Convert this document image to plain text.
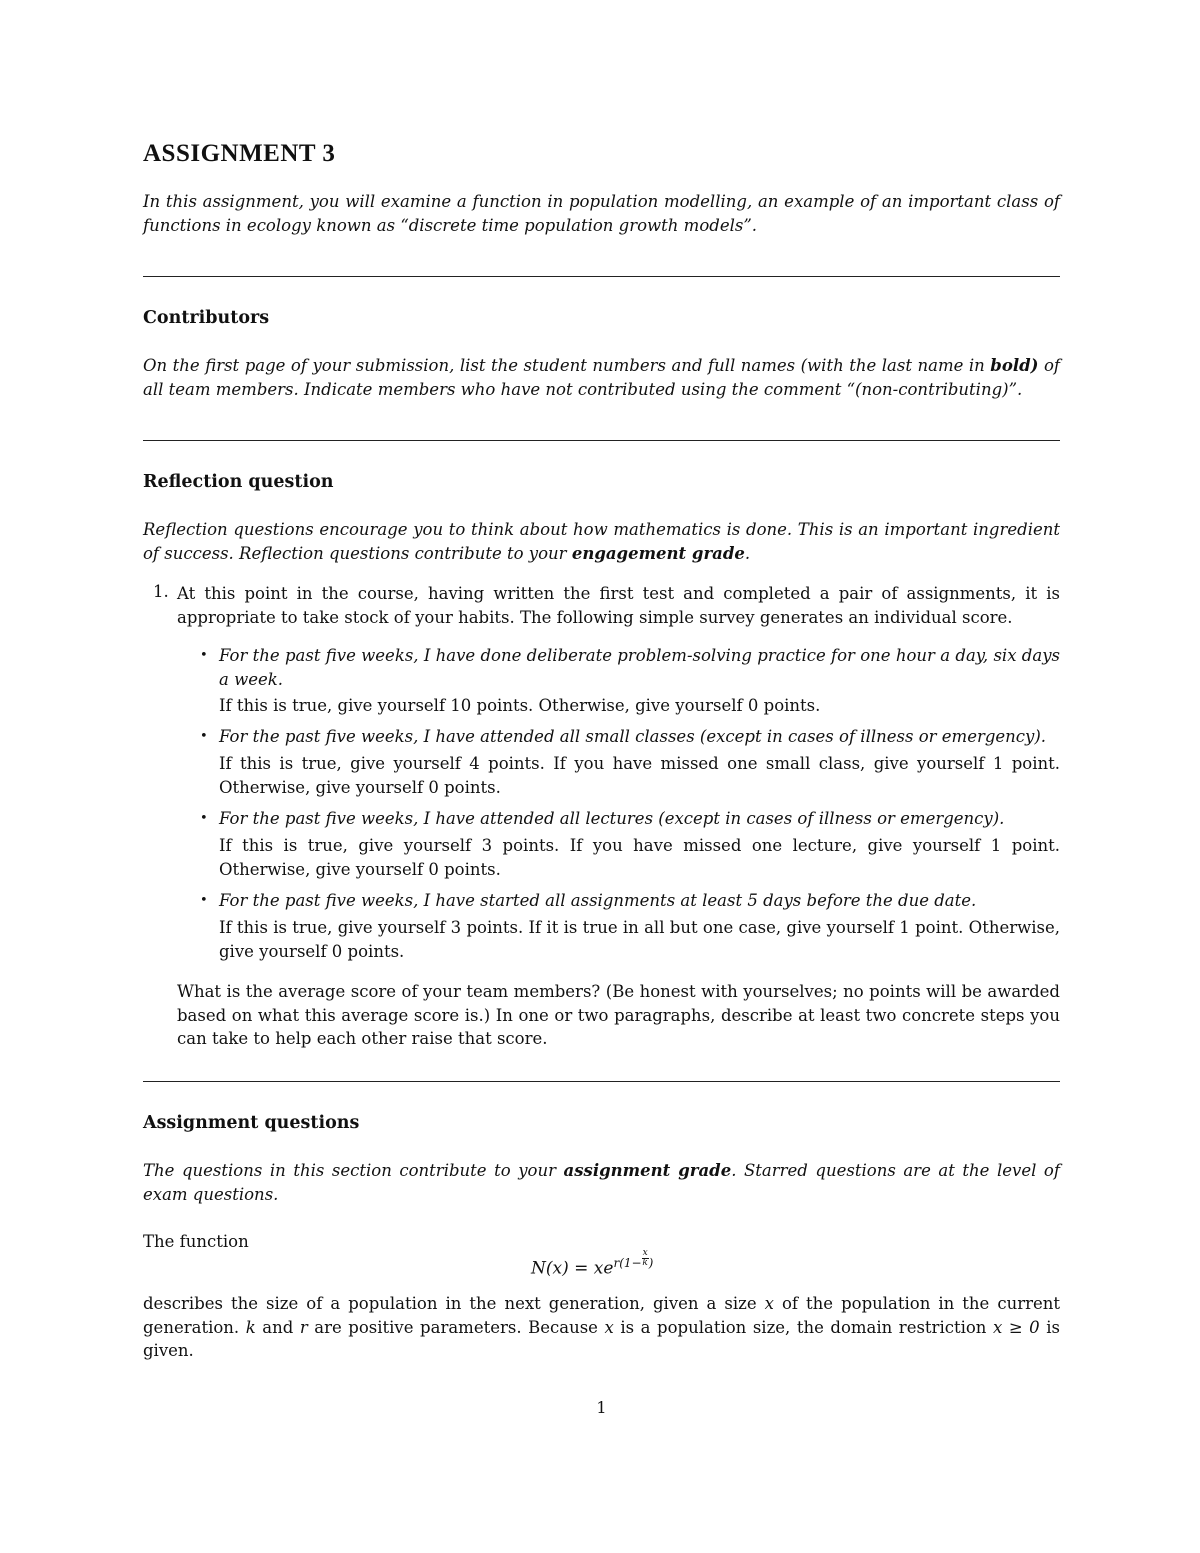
ASSIGNMENT 3

In this assignment, you will examine a function in population modelling, an example of an important class of functions in ecology known as “discrete time population growth models”.

Contributors

On the first page of your submission, list the student numbers and full names (with the last name in bold) of all team members. Indicate members who have not contributed using the comment “(non-contributing)”.

Reflection question

Reflection questions encourage you to think about how mathematics is done. This is an important ingredient of success. Reflection questions contribute to your engagement grade.

1. At this point in the course, having written the first test and completed a pair of assignments, it is appropriate to take stock of your habits. The following simple survey generates an individual score.

• For the past five weeks, I have done deliberate problem-solving practice for one hour a day, six days a week.

If this is true, give yourself 10 points. Otherwise, give yourself 0 points.

• For the past five weeks, I have attended all small classes (except in cases of illness or emergency).

If this is true, give yourself 4 points. If you have missed one small class, give yourself 1 point. Otherwise, give yourself 0 points.

• For the past five weeks, I have attended all lectures (except in cases of illness or emergency).

If this is true, give yourself 3 points. If you have missed one lecture, give yourself 1 point. Otherwise, give yourself 0 points.

• For the past five weeks, I have started all assignments at least 5 days before the due date.

If this is true, give yourself 3 points. If it is true in all but one case, give yourself 1 point. Otherwise, give yourself 0 points.

What is the average score of your team members? (Be honest with yourselves; no points will be awarded based on what this average score is.) In one or two paragraphs, describe at least two concrete steps you can take to help each other raise that score.

Assignment questions

The questions in this section contribute to your assignment grade. Starred questions are at the level of exam questions.

The function
$N(x) = xe^{r(1- \frac{x}{k} )}$

describes the size of a population in the next generation, given a size x of the population in the current generation. k and r are positive parameters. Because x is a population size, the domain restriction x ≥ 0 is given.

1
